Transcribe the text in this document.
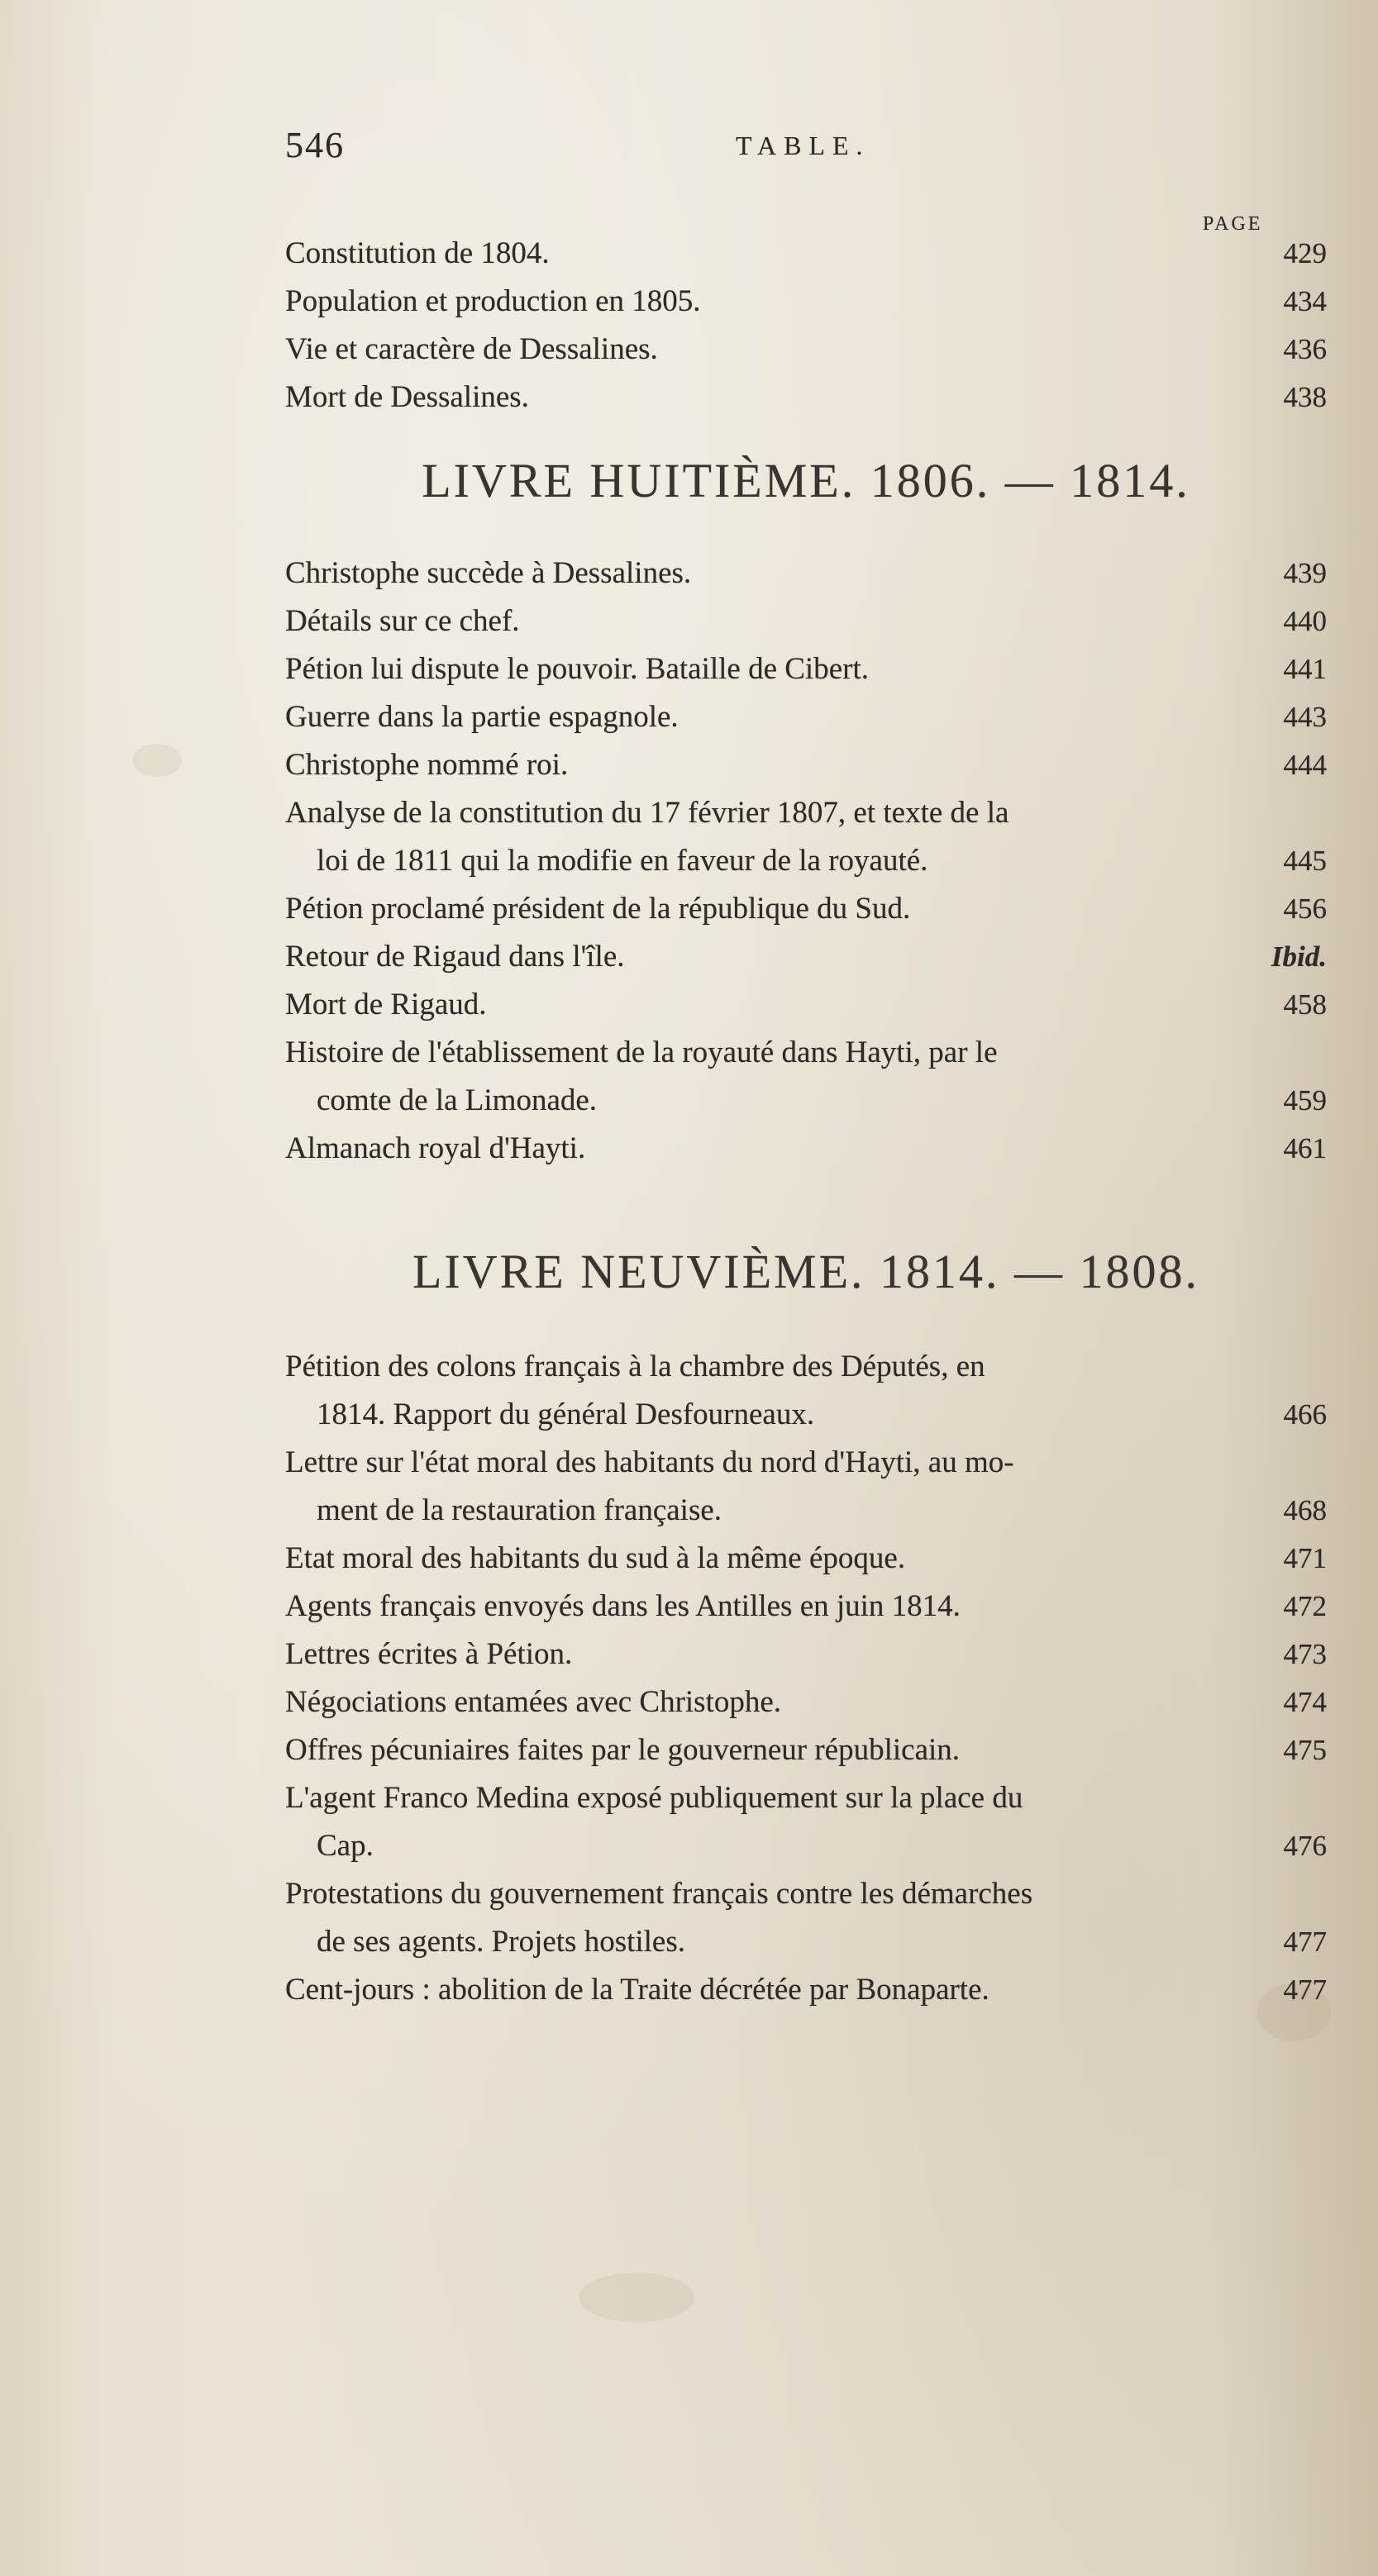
546	TABLE.
PAGE
Constitution de 1804.	429
Population et production en 1805.	434
Vie et caractère de Dessalines.	436
Mort de Dessalines.	438
LIVRE HUITIÈME. 1806. — 1814.
Christophe succède à Dessalines.	439
Détails sur ce chef.	440
Pétion lui dispute le pouvoir. Bataille de Cibert.	441
Guerre dans la partie espagnole.	443
Christophe nommé roi.	444
Analyse de la constitution du 17 février 1807, et texte de la
loi de 1811 qui la modifie en faveur de la royauté.	445
Pétion proclamé président de la république du Sud.	456
Retour de Rigaud dans l'île.	Ibid.
Mort de Rigaud.	458
Histoire de l'établissement de la royauté dans Hayti, par le
comte de la Limonade.	459
Almanach royal d'Hayti.	461
LIVRE NEUVIÈME. 1814. — 1808.
Pétition des colons français à la chambre des Députés, en
1814. Rapport du général Desfourneaux.	466
Lettre sur l'état moral des habitants du nord d'Hayti, au mo-
ment de la restauration française.	468
Etat moral des habitants du sud à la même époque.	471
Agents français envoyés dans les Antilles en juin 1814.	472
Lettres écrites à Pétion.	473
Négociations entamées avec Christophe.	474
Offres pécuniaires faites par le gouverneur républicain.	475
L'agent Franco Medina exposé publiquement sur la place du
Cap.	476
Protestations du gouvernement français contre les démarches
de ses agents. Projets hostiles.	477
Cent-jours : abolition de la Traite décrétée par Bonaparte.	477
